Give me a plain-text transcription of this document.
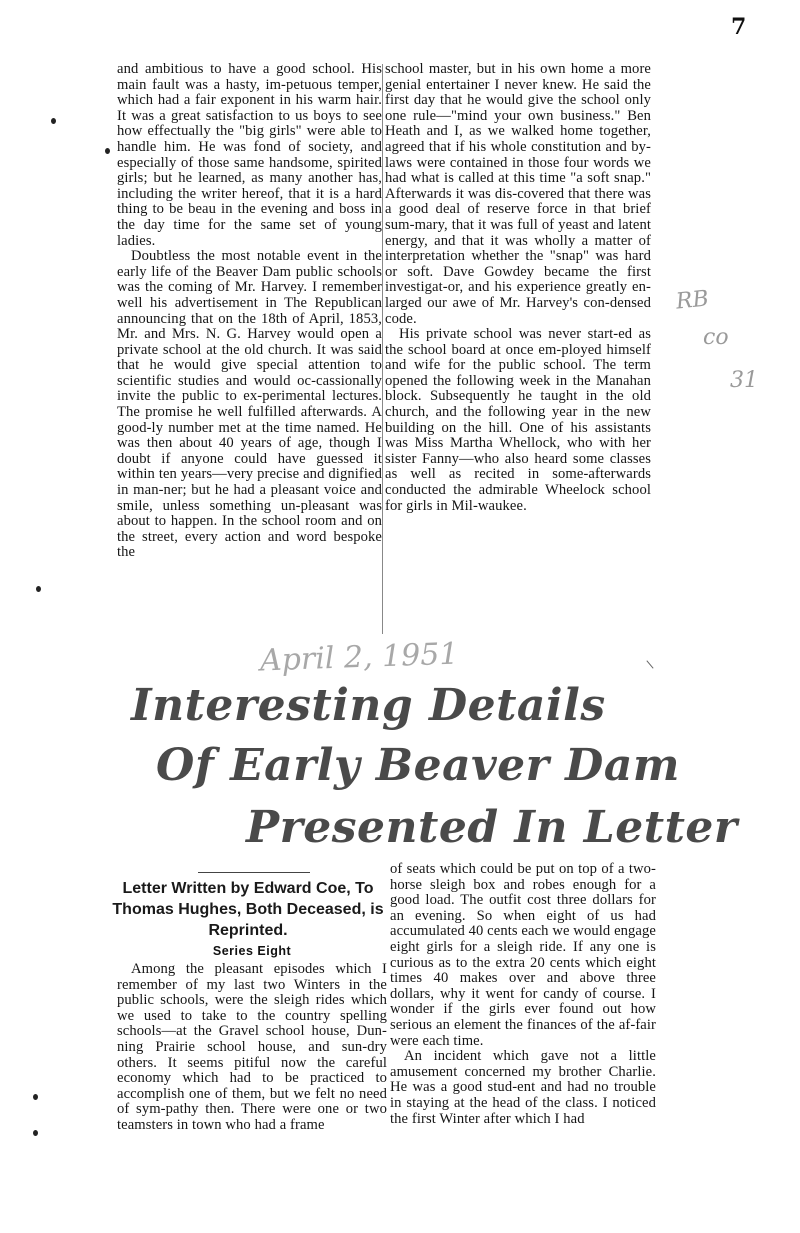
7

and ambitious to have a good school. His main fault was a hasty, im-petuous temper, which had a fair exponent in his warm hair. It was a great satisfaction to us boys to see how effectually the "big girls" were able to handle him. He was fond of society, and especially of those same handsome, spirited girls; but he learned, as many another has, including the writer hereof, that it is a hard thing to be beau in the evening and boss in the day time for the same set of young ladies.

Doubtless the most notable event in the early life of the Beaver Dam public schools was the coming of Mr. Harvey. I remember well his advertisement in The Republican announcing that on the 18th of April, 1853, Mr. and Mrs. N. G. Harvey would open a private school at the old church. It was said that he would give special attention to scientific studies and would oc-cassionally invite the public to ex-perimental lectures. The promise he well fulfilled afterwards. A good-ly number met at the time named. He was then about 40 years of age, though I doubt if anyone could have guessed it within ten years—very precise and dignified in man-ner; but he had a pleasant voice and smile, unless something un-pleasant was about to happen. In the school room and on the street, every action and word bespoke the

school master, but in his own home a more genial entertainer I never knew. He said the first day that he would give the school only one rule—"mind your own business." Ben Heath and I, as we walked home together, agreed that if his whole constitution and by-laws were contained in those four words we had what is called at this time "a soft snap." Afterwards it was dis-covered that there was a good deal of reserve force in that brief sum-mary, that it was full of yeast and latent energy, and that it was wholly a matter of interpretation whether the "snap" was hard or soft. Dave Gowdey became the first investigat-or, and his experience greatly en-larged our awe of Mr. Harvey's con-densed code.

His private school was never start-ed as the school board at once em-ployed himself and wife for the public school. The term opened the following week in the Manahan block. Subsequently he taught in the old church, and the following year in the new building on the hill. One of his assistants was Miss Martha Whellock, who with her sister Fanny—who also heard some classes as well as recited in some-afterwards conducted the admirable Wheelock school for girls in Mil-waukee.

RB
co
31
April 2, 1951
Interesting Details
Of Early Beaver Dam
Presented In Letter
Letter Written by Edward Coe, To Thomas Hughes, Both Deceased, is Reprinted.
Series Eight

Among the pleasant episodes which I remember of my last two Winters in the public schools, were the sleigh rides which we used to take to the country spelling schools—at the Gravel school house, Dun-ning Prairie school house, and sun-dry others. It seems pitiful now the careful economy which had to be practiced to accomplish one of them, but we felt no need of sym-pathy then. There were one or two teamsters in town who had a frame

of seats which could be put on top of a two-horse sleigh box and robes enough for a good load. The outfit cost three dollars for an evening. So when eight of us had accumulated 40 cents each we would engage eight girls for a sleigh ride. If any one is curious as to the extra 20 cents which eight times 40 makes over and above three dollars, why it went for candy of course. I wonder if the girls ever found out how serious an element the finances of the af-fair were each time.

An incident which gave not a little amusement concerned my brother Charlie. He was a good stud-ent and had no trouble in staying at the head of the class. I noticed the first Winter after which I had
